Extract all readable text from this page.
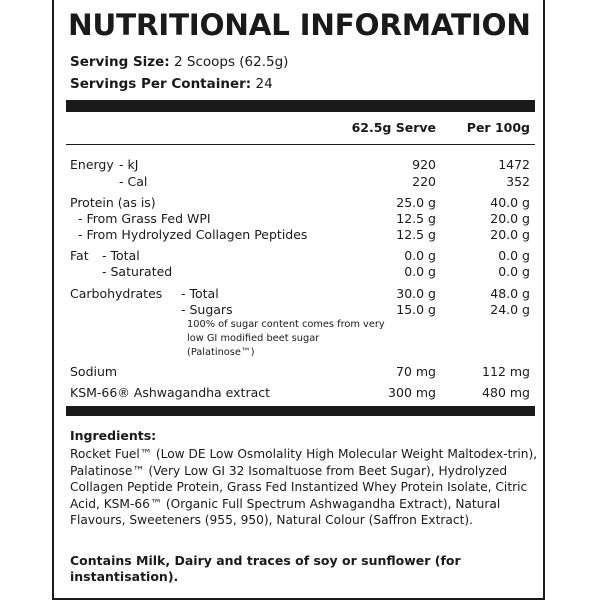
NUTRITIONAL INFORMATION
Serving Size: 2 Scoops (62.5g)
Servings Per Container: 24
62.5g Serve Per 100g
Energy - kJ	920	1472
- Cal	220	352
Protein (as is)	25.0 g	40.0 g
- From Grass Fed WPI	12.5 g	20.0 g
- From Hydrolyzed Collagen Peptides	12.5 g	20.0 g
Fat - Total	0.0 g	0.0 g
- Saturated	0.0 g	0.0 g
Carbohydrates - Total	30.0 g	48.0 g
- Sugars	15.0 g	24.0 g
100% of sugar content comes from very low GI modified beet sugar (Palatinose™)
Sodium	70 mg	112 mg
KSM-66® Ashwagandha extract	300 mg	480 mg
Ingredients:
Rocket Fuel™ (Low DE Low Osmolality High Molecular Weight Maltodex-trin), Palatinose™ (Very Low GI 32 Isomaltuose from Beet Sugar), Hydrolyzed Collagen Peptide Protein, Grass Fed Instantized Whey Protein Isolate, Citric Acid, KSM-66™ (Organic Full Spectrum Ashwagandha Extract), Natural Flavours, Sweeteners (955, 950), Natural Colour (Saffron Extract).
Contains Milk, Dairy and traces of soy or sunflower (for instantisation).
